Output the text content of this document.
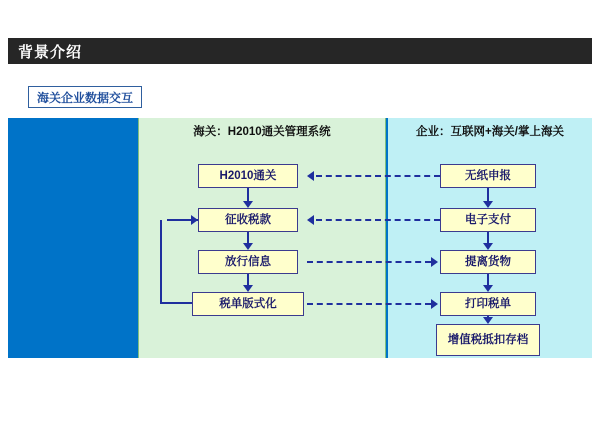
背景介绍
海关企业数据交互
海关：H2010通关管理系统	企业：互联网+海关/掌上海关
H2010通关
征收税款
放行信息
税单版式化
无纸申报
电子支付
提离货物
打印税单
增值税抵扣存档
